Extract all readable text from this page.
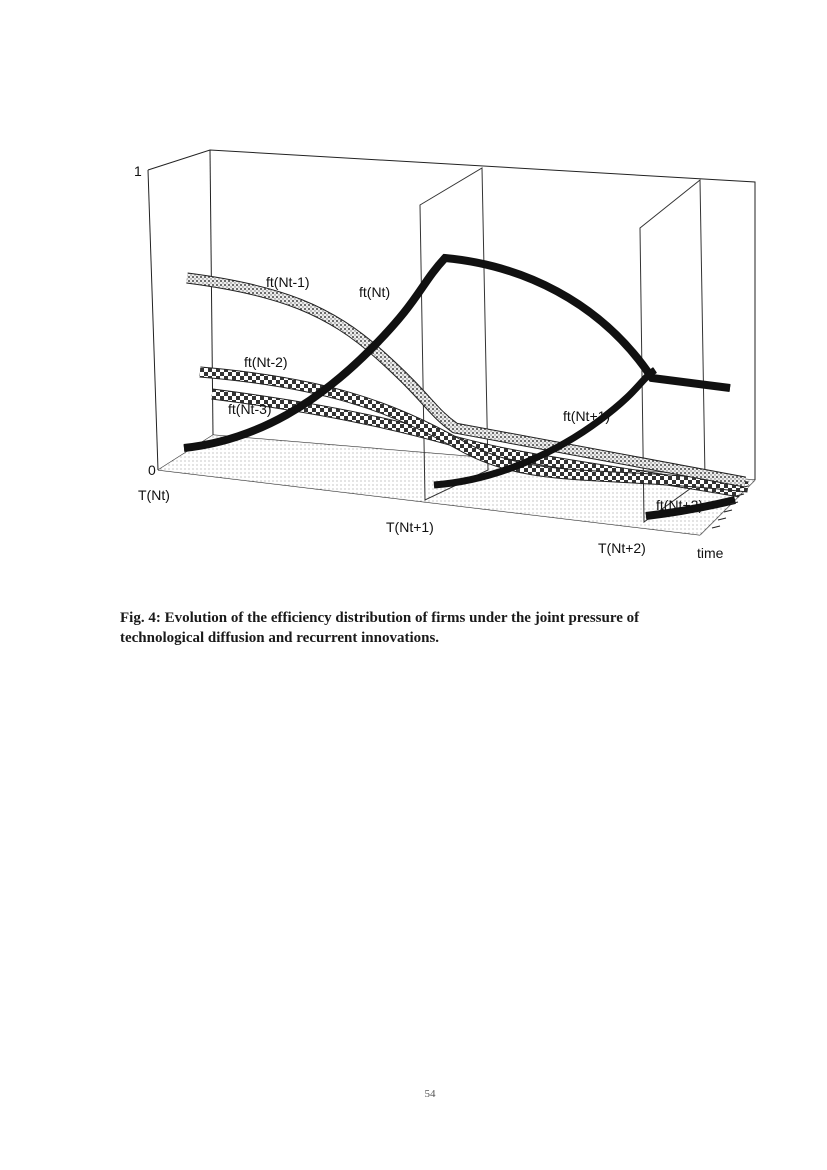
1
0
T(Nt)
T(Nt+1)
T(Nt+2)	time
ft(Nt-1)
ft(Nt)
ft(Nt-2)
ft(Nt-3)	ft(Nt+1)
ft(Nt+2)
Fig. 4: Evolution of the efficiency distribution of firms under the joint pressure of technological diffusion and recurrent innovations.
54
